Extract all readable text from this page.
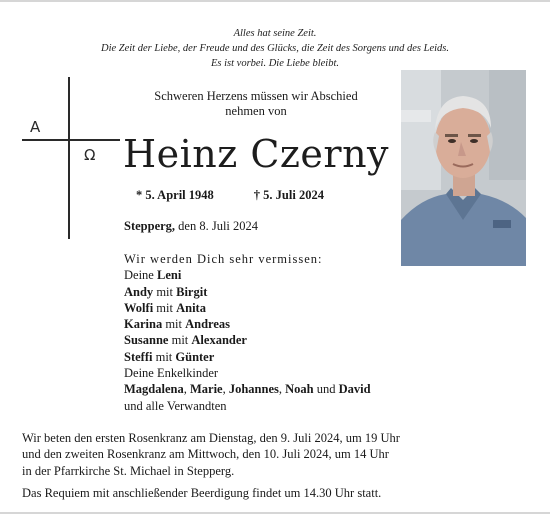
Alles hat seine Zeit.
Die Zeit der Liebe, der Freude und des Glücks, die Zeit des Sorgens und des Leids.
Es ist vorbei. Die Liebe bleibt.
A
Ω
Schweren Herzens müssen wir Abschied
nehmen von
Heinz Czerny
* 5. April 1948	† 5. Juli 2024
Stepperg, den 8. Juli 2024
Wir werden Dich sehr vermissen:
Deine Leni
Andy mit Birgit
Wolfi mit Anita
Karina mit Andreas
Susanne mit Alexander
Steffi mit Günter
Deine Enkelkinder
Magdalena, Marie, Johannes, Noah und David
und alle Verwandten
Wir beten den ersten Rosenkranz am Dienstag, den 9. Juli 2024, um 19 Uhr
und den zweiten Rosenkranz am Mittwoch, den 10. Juli 2024, um 14 Uhr
in der Pfarrkirche St. Michael in Stepperg.
Das Requiem mit anschließender Beerdigung findet um 14.30 Uhr statt.
